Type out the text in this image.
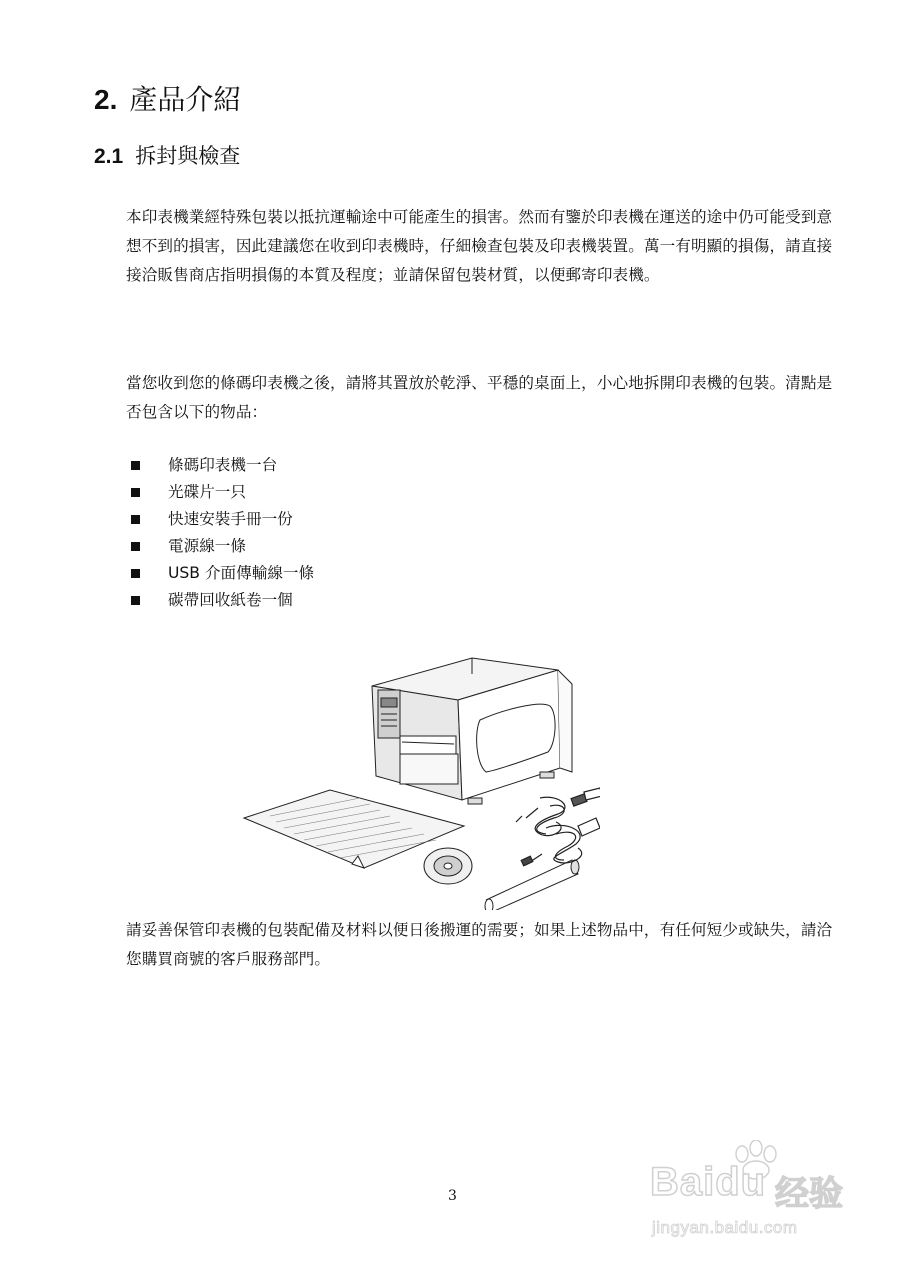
2. 產品介紹
2.1 拆封與檢查

本印表機業經特殊包裝以抵抗運輸途中可能產生的損害。然而有鑒於印表機在運送的途中仍可能受到意想不到的損害，因此建議您在收到印表機時，仔細檢查包裝及印表機裝置。萬一有明顯的損傷，請直接接洽販售商店指明損傷的本質及程度；並請保留包裝材質，以便郵寄印表機。

當您收到您的條碼印表機之後，請將其置放於乾淨、平穩的桌面上，小心地拆開印表機的包裝。清點是否包含以下的物品：

條碼印表機一台
光碟片一只
快速安裝手冊一份
電源線一條
USB 介面傳輸線一條
碳帶回收紙卷一個

請妥善保管印表機的包裝配備及材料以便日後搬運的需要；如果上述物品中，有任何短少或缺失，請洽您購買商號的客戶服務部門。

3	Baidu 经验
jingyan.baidu.com
